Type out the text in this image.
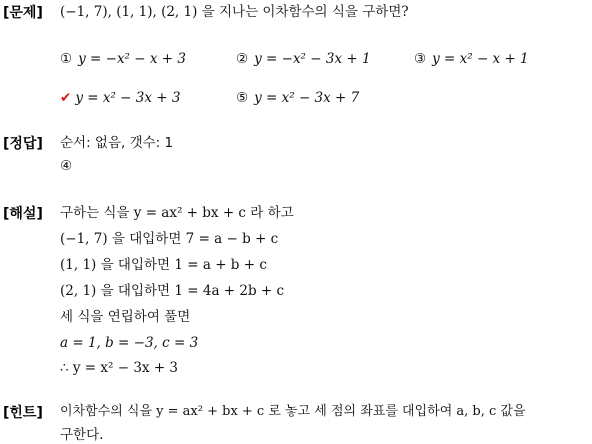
[문제] (−1, 7), (1, 1), (2, 1) 을 지나는 이차함수의 식을 구하면?
① y = −x² − x + 3	② y = −x² − 3x + 1	③ y = x² − x + 1
✔ y = x² − 3x + 3	⑤ y = x² − 3x + 7
[정답] 순서: 없음, 갯수: 1
④
[해설] 구하는 식을 y = ax² + bx + c 라 하고
(−1, 7) 을 대입하면 7 = a − b + c
(1, 1) 을 대입하면 1 = a + b + c
(2, 1) 을 대입하면 1 = 4a + 2b + c
세 식을 연립하여 풀면
a = 1, b = −3, c = 3
∴ y = x² − 3x + 3
[힌트] 이차함수의 식을 y = ax² + bx + c 로 놓고 세 점의 좌표를 대입하여 a, b, c 값을
구한다.
